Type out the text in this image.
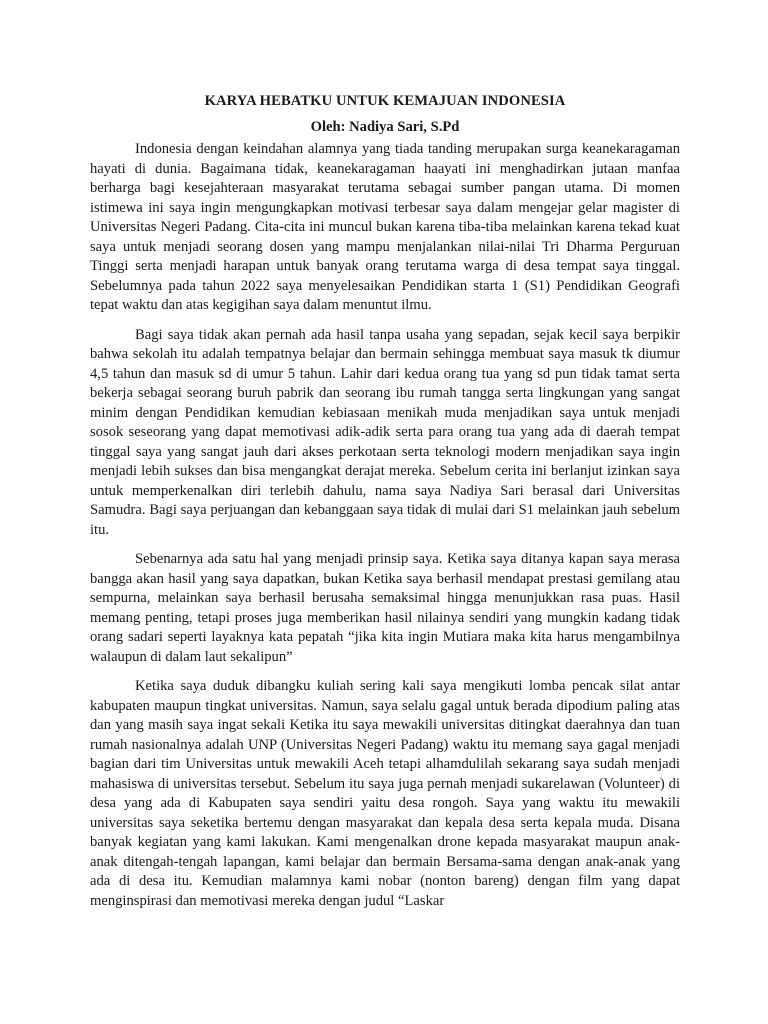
KARYA HEBATKU UNTUK KEMAJUAN INDONESIA
Oleh: Nadiya Sari, S.Pd

Indonesia dengan keindahan alamnya yang tiada tanding merupakan surga keanekaragaman hayati di dunia. Bagaimana tidak, keanekaragaman haayati ini menghadirkan jutaan manfaa berharga bagi kesejahteraan masyarakat terutama sebagai sumber pangan utama. Di momen istimewa ini saya ingin mengungkapkan motivasi terbesar saya dalam mengejar gelar magister di Universitas Negeri Padang. Cita-cita ini muncul bukan karena tiba-tiba melainkan karena tekad kuat saya untuk menjadi seorang dosen yang mampu menjalankan nilai-nilai Tri Dharma Perguruan Tinggi serta menjadi harapan untuk banyak orang terutama warga di desa tempat saya tinggal. Sebelumnya pada tahun 2022 saya menyelesaikan Pendidikan starta 1 (S1) Pendidikan Geografi tepat waktu dan atas kegigihan saya dalam menuntut ilmu.

Bagi saya tidak akan pernah ada hasil tanpa usaha yang sepadan, sejak kecil saya berpikir bahwa sekolah itu adalah tempatnya belajar dan bermain sehingga membuat saya masuk tk diumur 4,5 tahun dan masuk sd di umur 5 tahun. Lahir dari kedua orang tua yang sd pun tidak tamat serta bekerja sebagai seorang buruh pabrik dan seorang ibu rumah tangga serta lingkungan yang sangat minim dengan Pendidikan kemudian kebiasaan menikah muda menjadikan saya untuk menjadi sosok seseorang yang dapat memotivasi adik-adik serta para orang tua yang ada di daerah tempat tinggal saya yang sangat jauh dari akses perkotaan serta teknologi modern menjadikan saya ingin menjadi lebih sukses dan bisa mengangkat derajat mereka. Sebelum cerita ini berlanjut izinkan saya untuk memperkenalkan diri terlebih dahulu, nama saya Nadiya Sari berasal dari Universitas Samudra. Bagi saya perjuangan dan kebanggaan saya tidak di mulai dari S1 melainkan jauh sebelum itu.

Sebenarnya ada satu hal yang menjadi prinsip saya. Ketika saya ditanya kapan saya merasa bangga akan hasil yang saya dapatkan, bukan Ketika saya berhasil mendapat prestasi gemilang atau sempurna, melainkan saya berhasil berusaha semaksimal hingga menunjukkan rasa puas. Hasil memang penting, tetapi proses juga memberikan hasil nilainya sendiri yang mungkin kadang tidak orang sadari seperti layaknya kata pepatah “jika kita ingin Mutiara maka kita harus mengambilnya walaupun di dalam laut sekalipun”

Ketika saya duduk dibangku kuliah sering kali saya mengikuti lomba pencak silat antar kabupaten maupun tingkat universitas. Namun, saya selalu gagal untuk berada dipodium paling atas dan yang masih saya ingat sekali Ketika itu saya mewakili universitas ditingkat daerahnya dan tuan rumah nasionalnya adalah UNP (Universitas Negeri Padang) waktu itu memang saya gagal menjadi bagian dari tim Universitas untuk mewakili Aceh tetapi alhamdulilah sekarang saya sudah menjadi mahasiswa di universitas tersebut. Sebelum itu saya juga pernah menjadi sukarelawan (Volunteer) di desa yang ada di Kabupaten saya sendiri yaitu desa rongoh. Saya yang waktu itu mewakili universitas saya seketika bertemu dengan masyarakat dan kepala desa serta kepala muda. Disana banyak kegiatan yang kami lakukan. Kami mengenalkan drone kepada masyarakat maupun anak-anak ditengah-tengah lapangan, kami belajar dan bermain Bersama-sama dengan anak-anak yang ada di desa itu. Kemudian malamnya kami nobar (nonton bareng) dengan film yang dapat menginspirasi dan memotivasi mereka dengan judul “Laskar
